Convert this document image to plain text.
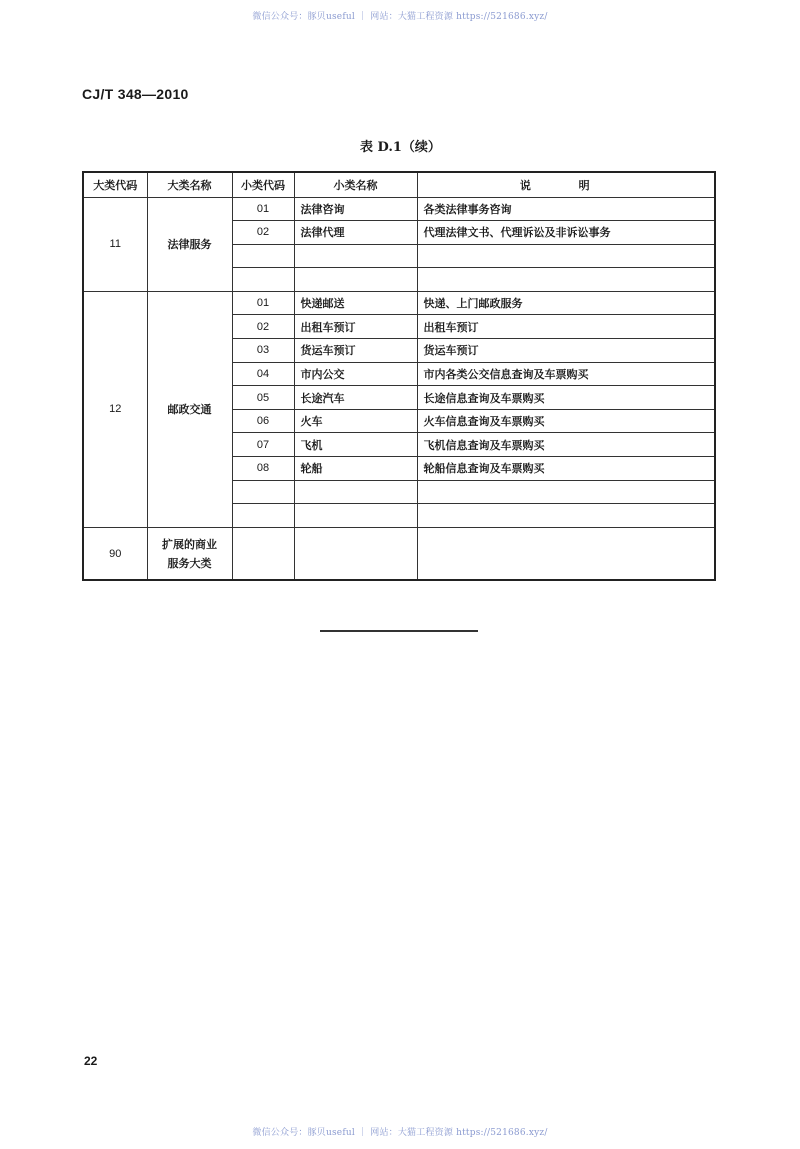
微信公众号：豚贝useful ｜ 网站：大猫工程资源 https://521686.xyz/
CJ/T 348—2010
表 D.1（续）
大类代码	大类名称	小类代码	小类名称	说 明
11	法律服务	01	法律咨询	各类法律事务咨询
		02	法律代理	代理法律文书、代理诉讼及非诉讼事务

12	邮政交通	01	快递邮送	快递、上门邮政服务
		02	出租车预订	出租车预订
		03	货运车预订	货运车预订
		04	市内公交	市内各类公交信息查询及车票购买
		05	长途汽车	长途信息查询及车票购买
		06	火车	火车信息查询及车票购买
		07	飞机	飞机信息查询及车票购买
		08	轮船	轮船信息查询及车票购买

90	扩展的商业
服务大类			

22
微信公众号：豚贝useful ｜ 网站：大猫工程资源 https://521686.xyz/
